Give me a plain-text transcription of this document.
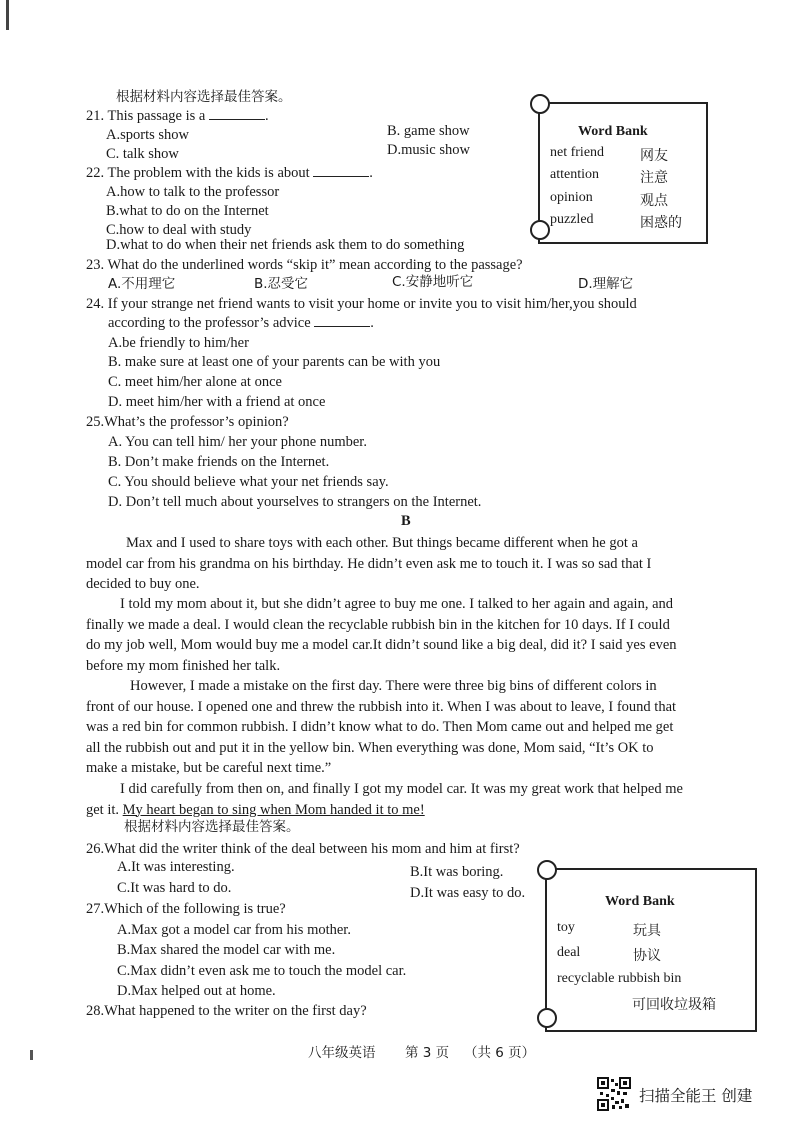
根据材料内容选择最佳答案。
21. This passage is a	.
A.sports show	B. game show
C. talk show	D.music show
22. The problem with the kids is about	.
A.how to talk to the professor
B.what to do on the Internet
C.how to deal with study
D.what to do when their net friends ask them to do something
Word Bank
net friend	网友
attention	注意
opinion	观点
puzzled	困惑的
23. What do the underlined words “skip it” mean according to the passage?
A.不用理它	B.忍受它	C.安静地听它	D.理解它
24. If your strange net friend wants to visit your home or invite you to visit him/her,you should
according to the professor’s advice	.
A.be friendly to him/her
B. make sure at least one of your parents can be with you
C. meet him/her alone at once
D. meet him/her with a friend at once
25.What’s the professor’s opinion?
A. You can tell him/ her your phone number.
B. Don’t make friends on the Internet.
C. You should believe what your net friends say.
D. Don’t tell much about yourselves to strangers on the Internet.
B
Max and I used to share toys with each other. But things became different when he got a
model car from his grandma on his birthday. He didn’t even ask me to touch it. I was so sad that I
decided to buy one.
I told my mom about it, but she didn’t agree to buy me one. I talked to her again and again, and
finally we made a deal. I would clean the recyclable rubbish bin in the kitchen for 10 days. If I could
do my job well, Mom would buy me a model car.It didn’t sound like a big deal, did it? I said yes even
before my mom finished her talk.
However, I made a mistake on the first day. There were three big bins of different colors in
front of our house. I opened one and threw the rubbish into it. When I was about to leave, I found that
was a red bin for common rubbish. I didn’t know what to do. Then Mom came out and helped me get
all the rubbish out and put it in the yellow bin. When everything was done, Mom said, “It’s OK to
make a mistake, but be careful next time.”
I did carefully from then on, and finally I got my model car. It was my great work that helped me
get it. My heart began to sing when Mom handed it to me!
根据材料内容选择最佳答案。
26.What did the writer think of the deal between his mom and him at first?
A.It was interesting.	B.It was boring.
C.It was hard to do.	D.It was easy to do.
27.Which of the following is true?
A.Max got a model car from his mother.
B.Max shared the model car with me.
C.Max didn’t even ask me to touch the model car.
D.Max helped out at home.
28.What happened to the writer on the first day?
Word Bank
toy	玩具
deal	协议
recyclable rubbish bin
可回收垃圾箱
八年级英语 第 3 页 （共 6 页）
扫描全能王 创建
